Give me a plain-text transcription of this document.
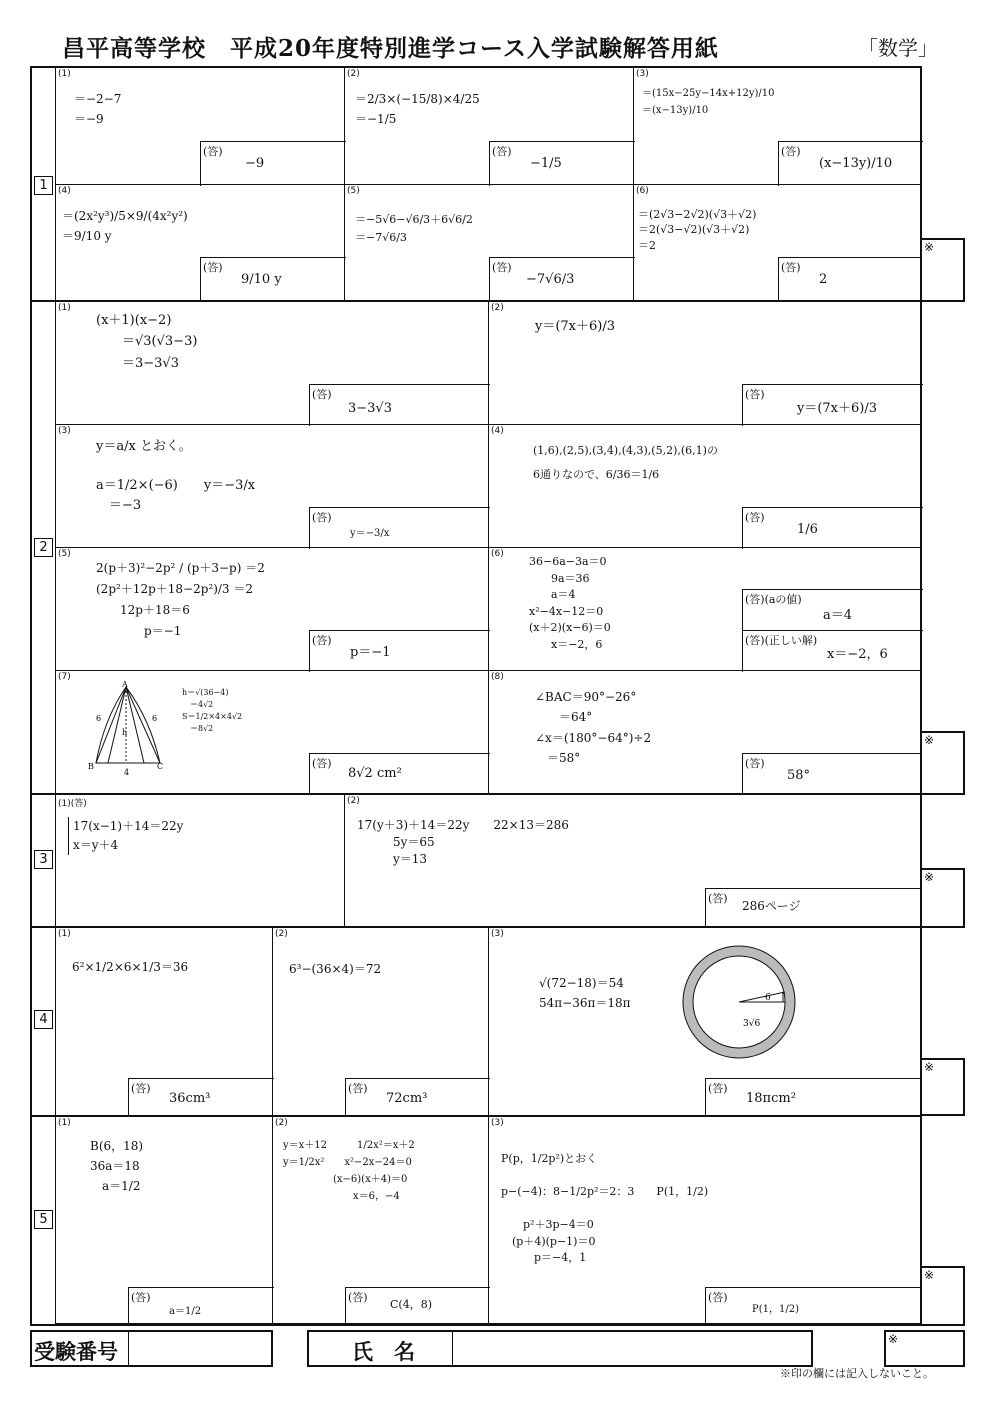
昌平高等学校　平成20年度特別進学コース入学試験解答用紙	「数学」
1
2
3
4
5
(1)
＝−2−7
＝−9
(答)
−9
(2)
＝2/3×(−15/8)×4/25
＝−1/5
(答)
−1/5
(3)
＝(15x−25y−14x+12y)/10
＝(x−13y)/10
(答)
(x−13y)/10
(4)
＝(2x²y³)/5×9/(4x²y²)
＝9/10 y
(答)
9/10 y
(5)
＝−5√6−√6/3＋6√6/2
＝−7√6/3
(答)
−7√6/3
(6)
＝(2√3−2√2)(√3＋√2)
＝2(√3−√2)(√3＋√2)
＝2
(答)
2
※
(1)
(x＋1)(x−2)
　　＝√3(√3−3)
　　＝3−3√3
(答)
3−3√3
(2)
y＝(7x＋6)/3
(答)
y＝(7x＋6)/3
(3)
y＝a/x とおく。

a＝1/2×(−6)　　y＝−3/x
　＝−3
(答)
y＝−3/x
(4)
(1,6),(2,5),(3,4),(4,3),(5,2),(6,1)の
6通りなので、6/36＝1/6
(答)
1/6
(5)
2(p＋3)²−2p² / (p＋3−p) ＝2
(2p²＋12p＋18−2p²)/3 ＝2
　　12p＋18＝6
　　　　p＝−1
(答)
p＝−1
(6)
36−6a−3a＝0
　　9a＝36
　　a＝4
x²−4x−12＝0
(x＋2)(x−6)＝0
　　x＝−2，6
(答)(aの値)
a＝4
(答)(正しい解)
x＝−2，6
(7)
A
B	C
6	6
h
4
h＝√(36−4)
　＝4√2
S＝1/2×4×4√2
　＝8√2
(答)
8√2 cm²
(8)
∠BAC＝90°−26°
　　＝64°
∠x＝(180°−64°)÷2
　＝58°	(答)
58°
※
(1)(答)
17(x−1)＋14＝22y
x＝y＋4
(2)
17(y＋3)＋14＝22y　　22×13＝286
　　　5y＝65
　　　y＝13
(答)
286ページ
※
(1)
6²×1/2×6×1/3＝36
(答)
36cm³
(2)
6³−(36×4)＝72
(答)
72cm³
(3)
√(72−18)＝54
54π−36π＝18π	6
3√6
(答)
18πcm²
※
(1)
B(6，18)
36a＝18
　a＝1/2
(答)
a＝1/2
(2)
y＝x＋12　　　1/2x²＝x＋2
y＝1/2x²　　x²−2x−24＝0
　　　　　(x−6)(x＋4)＝0
　　　　　　　x＝6，−4
(答)
C(4，8)
(3)
P(p，1/2p²)とおく

p−(−4)：8−1/2p²＝2：3　　P(1，1/2)

　　p²＋3p−4＝0
　(p＋4)(p−1)＝0
　　　p＝−4，1
(答)
P(1，1/2)
※
受験番号	氏　名	※
※印の欄には記入しないこと。
